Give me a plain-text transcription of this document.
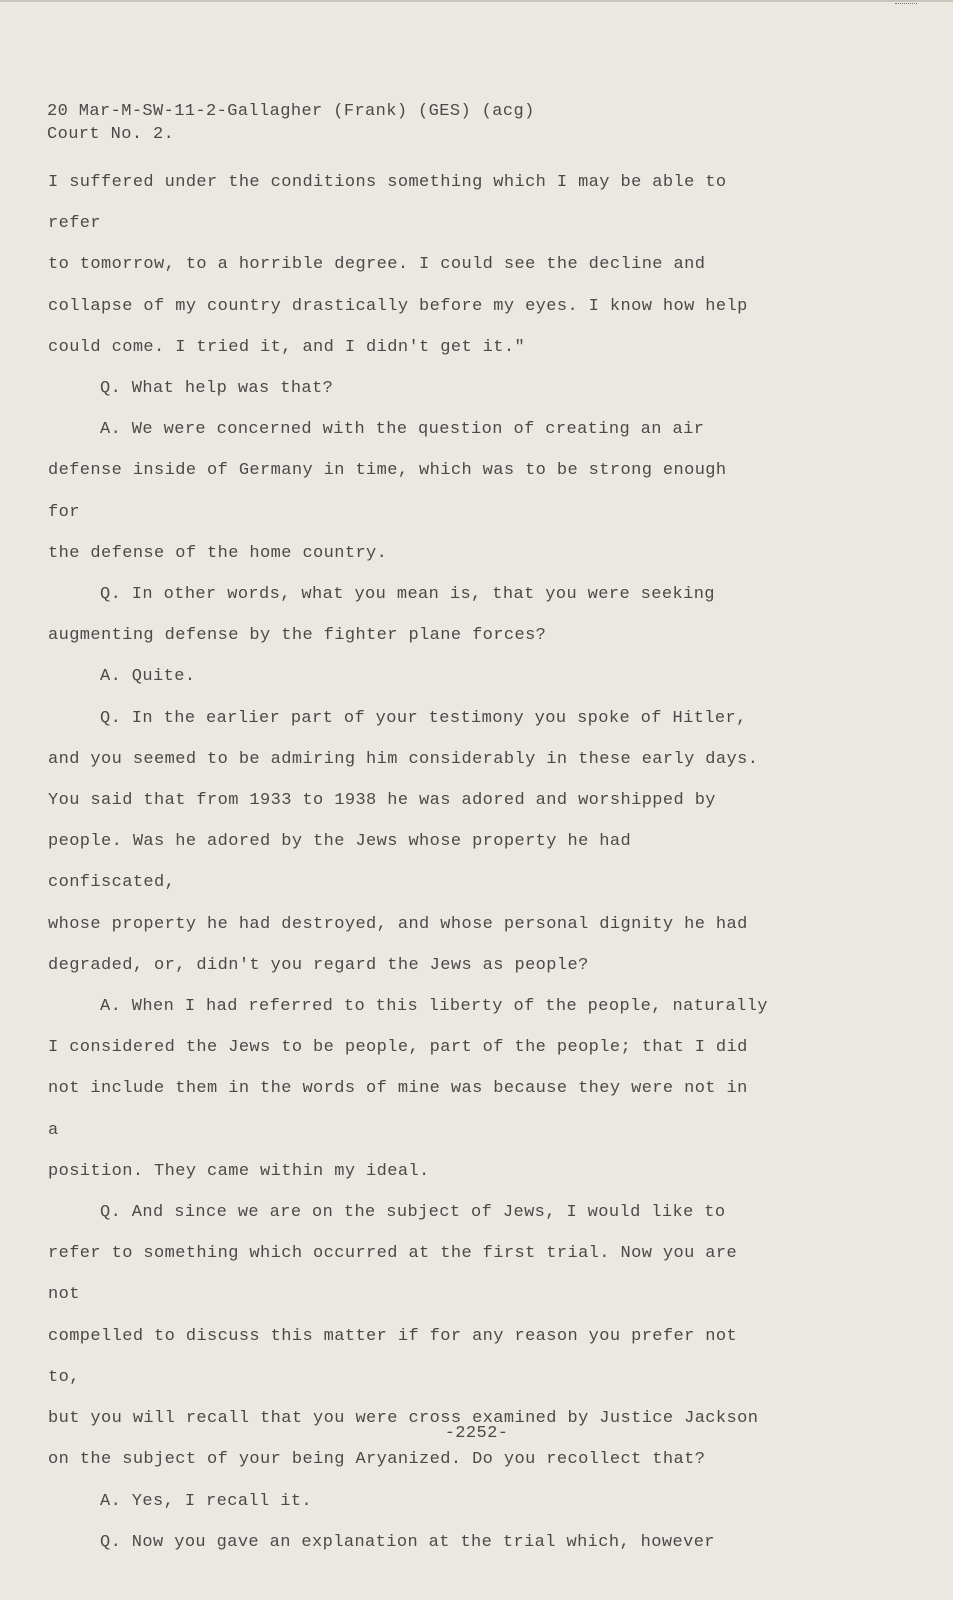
20 Mar-M-SW-11-2-Gallagher (Frank) (GES) (acg)
Court No. 2.

I suffered under the conditions something which I may be able to refer

to tomorrow, to a horrible degree. I could see the decline and

collapse of my country drastically before my eyes. I know how help

could come. I tried it, and I didn't get it."

Q. What help was that?

A. We were concerned with the question of creating an air

defense inside of Germany in time, which was to be strong enough for

the defense of the home country.

Q. In other words, what you mean is, that you were seeking

augmenting defense by the fighter plane forces?

A. Quite.

Q. In the earlier part of your testimony you spoke of Hitler,

and you seemed to be admiring him considerably in these early days.

You said that from 1933 to 1938 he was adored and worshipped by

people. Was he adored by the Jews whose property he had confiscated,

whose property he had destroyed, and whose personal dignity he had

degraded, or, didn't you regard the Jews as people?

A. When I had referred to this liberty of the people, naturally

I considered the Jews to be people, part of the people; that I did

not include them in the words of mine was because they were not in a

position. They came within my ideal.

Q. And since we are on the subject of Jews, I would like to

refer to something which occurred at the first trial. Now you are not

compelled to discuss this matter if for any reason you prefer not to,

but you will recall that you were cross examined by Justice Jackson

on the subject of your being Aryanized. Do you recollect that?

A. Yes, I recall it.

Q. Now you gave an explanation at the trial which, however

-2252-
